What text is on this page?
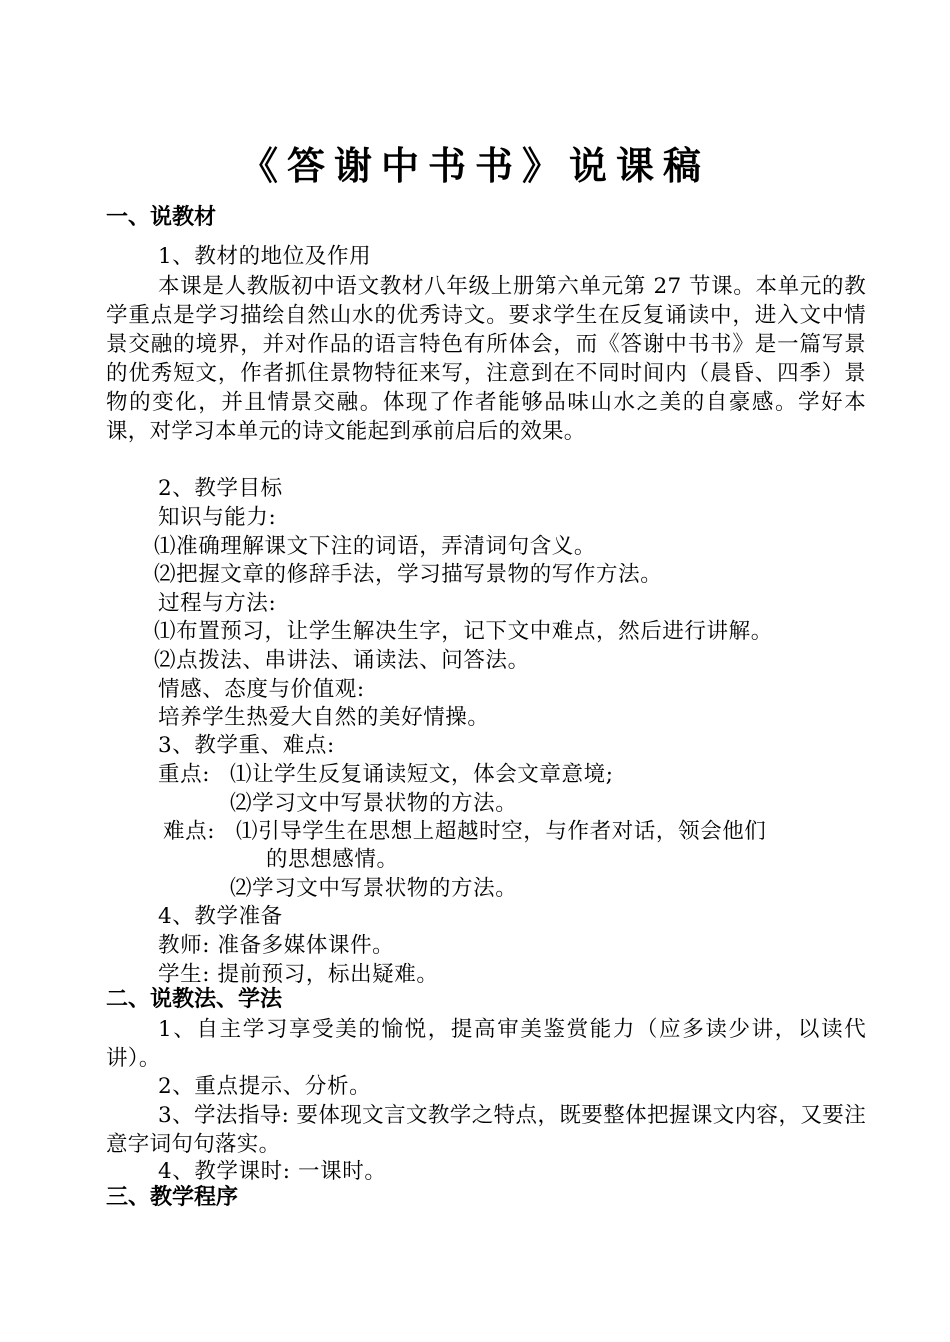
《答谢中书书》说课稿
一、说教材
1、教材的地位及作用
本课是人教版初中语文教材八年级上册第六单元第 27 节课。本单元的教学重点是学习描绘自然山水的优秀诗文。要求学生在反复诵读中，进入文中情景交融的境界，并对作品的语言特色有所体会，而《答谢中书书》是一篇写景的优秀短文，作者抓住景物特征来写，注意到在不同时间内（晨昏、四季）景物的变化，并且情景交融。体现了作者能够品味山水之美的自豪感。学好本课，对学习本单元的诗文能起到承前启后的效果。
2、教学目标
知识与能力:
⑴准确理解课文下注的词语，弄清词句含义。
⑵把握文章的修辞手法，学习描写景物的写作方法。
过程与方法:
⑴布置预习，让学生解决生字，记下文中难点，然后进行讲解。
⑵点拨法、串讲法、诵读法、问答法。
情感、态度与价值观:
培养学生热爱大自然的美好情操。
3、教学重、难点:
重点: ⑴让学生反复诵读短文，体会文章意境;
⑵学习文中写景状物的方法。
难点: ⑴引导学生在思想上超越时空，与作者对话，领会他们
的思想感情。
⑵学习文中写景状物的方法。
4、教学准备
教师: 准备多媒体课件。
学生: 提前预习，标出疑难。
二、说教法、学法
1、自主学习享受美的愉悦，提高审美鉴赏能力（应多读少讲，以读代讲）。
2、重点提示、分析。
3、学法指导: 要体现文言文教学之特点，既要整体把握课文内容，又要注意字词句句落实。
4、教学课时: 一课时。
三、教学程序
